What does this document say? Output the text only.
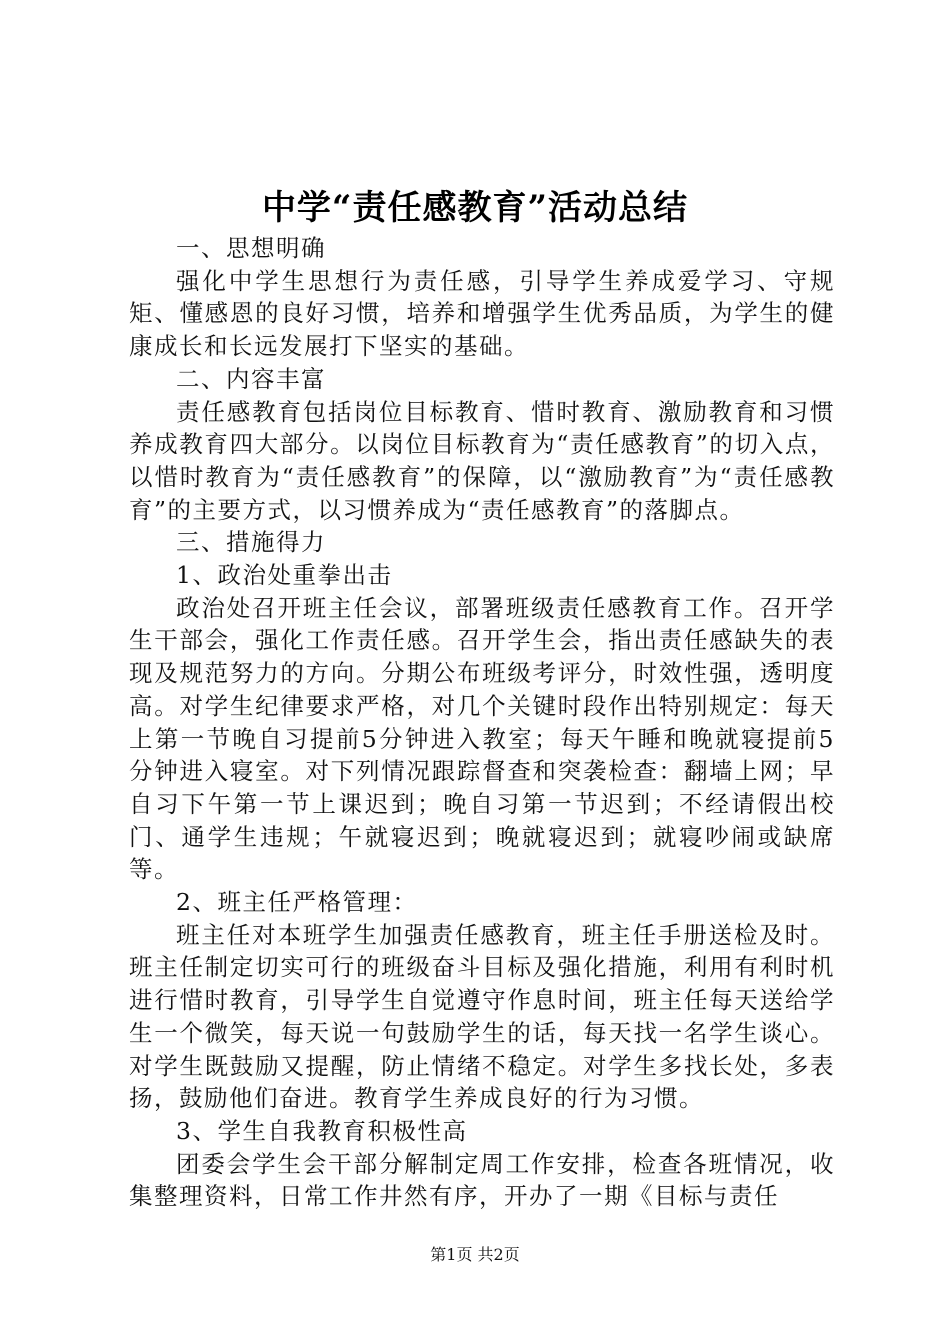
中学“责任感教育”活动总结

一、思想明确

强化中学生思想行为责任感，引导学生养成爱学习、守规矩、懂感恩的良好习惯，培养和增强学生优秀品质，为学生的健康成长和长远发展打下坚实的基础。

二、内容丰富

责任感教育包括岗位目标教育、惜时教育、激励教育和习惯养成教育四大部分。以岗位目标教育为“责任感教育”的切入点，以惜时教育为“责任感教育”的保障，以“激励教育”为“责任感教育”的主要方式，以习惯养成为“责任感教育”的落脚点。

三、措施得力

1、政治处重拳出击

政治处召开班主任会议，部署班级责任感教育工作。召开学生干部会，强化工作责任感。召开学生会，指出责任感缺失的表现及规范努力的方向。分期公布班级考评分，时效性强，透明度高。对学生纪律要求严格，对几个关键时段作出特别规定：每天上第一节晚自习提前5分钟进入教室；每天午睡和晚就寝提前5分钟进入寝室。对下列情况跟踪督查和突袭检查：翻墙上网；早自习下午第一节上课迟到；晚自习第一节迟到；不经请假出校门、通学生违规；午就寝迟到；晚就寝迟到；就寝吵闹或缺席等。

2、班主任严格管理：

班主任对本班学生加强责任感教育，班主任手册送检及时。班主任制定切实可行的班级奋斗目标及强化措施，利用有利时机进行惜时教育，引导学生自觉遵守作息时间，班主任每天送给学生一个微笑，每天说一句鼓励学生的话，每天找一名学生谈心。对学生既鼓励又提醒，防止情绪不稳定。对学生多找长处，多表扬，鼓励他们奋进。教育学生养成良好的行为习惯。

3、学生自我教育积极性高

团委会学生会干部分解制定周工作安排，检查各班情况，收集整理资料，日常工作井然有序，开办了一期《目标与责任

第1页 共2页
